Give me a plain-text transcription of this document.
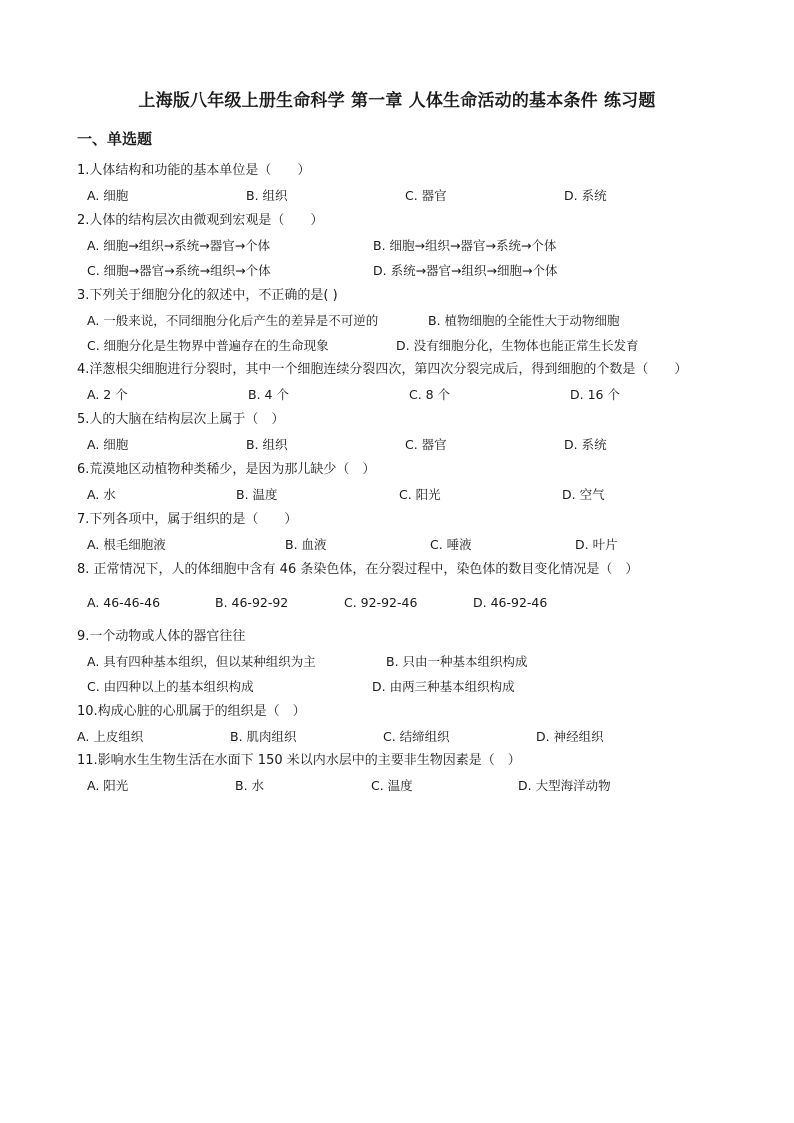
上海版八年级上册生命科学 第一章 人体生命活动的基本条件 练习题
一、单选题
1.人体结构和功能的基本单位是（　　）
A. 细胞	B. 组织	C. 器官	D. 系统
2.人体的结构层次由微观到宏观是（　　）
A. 细胞→组织→系统→器官→个体	B. 细胞→组织→器官→系统→个体
C. 细胞→器官→系统→组织→个体	D. 系统→器官→组织→细胞→个体
3.下列关于细胞分化的叙述中，不正确的是( )
A. 一般来说，不同细胞分化后产生的差异是不可逆的	B. 植物细胞的全能性大于动物细胞
C. 细胞分化是生物界中普遍存在的生命现象	D. 没有细胞分化，生物体也能正常生长发育
4.洋葱根尖细胞进行分裂时，其中一个细胞连续分裂四次，第四次分裂完成后，得到细胞的个数是（　　）
A. 2 个	B. 4 个	C. 8 个	D. 16 个
5.人的大脑在结构层次上属于（　）
A. 细胞	B. 组织	C. 器官	D. 系统
6.荒漠地区动植物种类稀少，是因为那儿缺少（　）
A. 水	B. 温度	C. 阳光	D. 空气
7.下列各项中，属于组织的是（　　）
A. 根毛细胞液	B. 血液	C. 唾液	D. 叶片
8. 正常情况下，人的体细胞中含有 46 条染色体，在分裂过程中，染色体的数目变化情况是（　）
A. 46-46-46	B. 46-92-92	C. 92-92-46	D. 46-92-46
9.一个动物或人体的器官往往
A. 具有四种基本组织，但以某种组织为主	B. 只由一种基本组织构成
C. 由四种以上的基本组织构成	D. 由两三种基本组织构成
10.构成心脏的心肌属于的组织是（　）
A. 上皮组织	B. 肌肉组织	C. 结缔组织	D. 神经组织
11.影响水生生物生活在水面下 150 米以内水层中的主要非生物因素是（　）
A. 阳光	B. 水	C. 温度	D. 大型海洋动物
